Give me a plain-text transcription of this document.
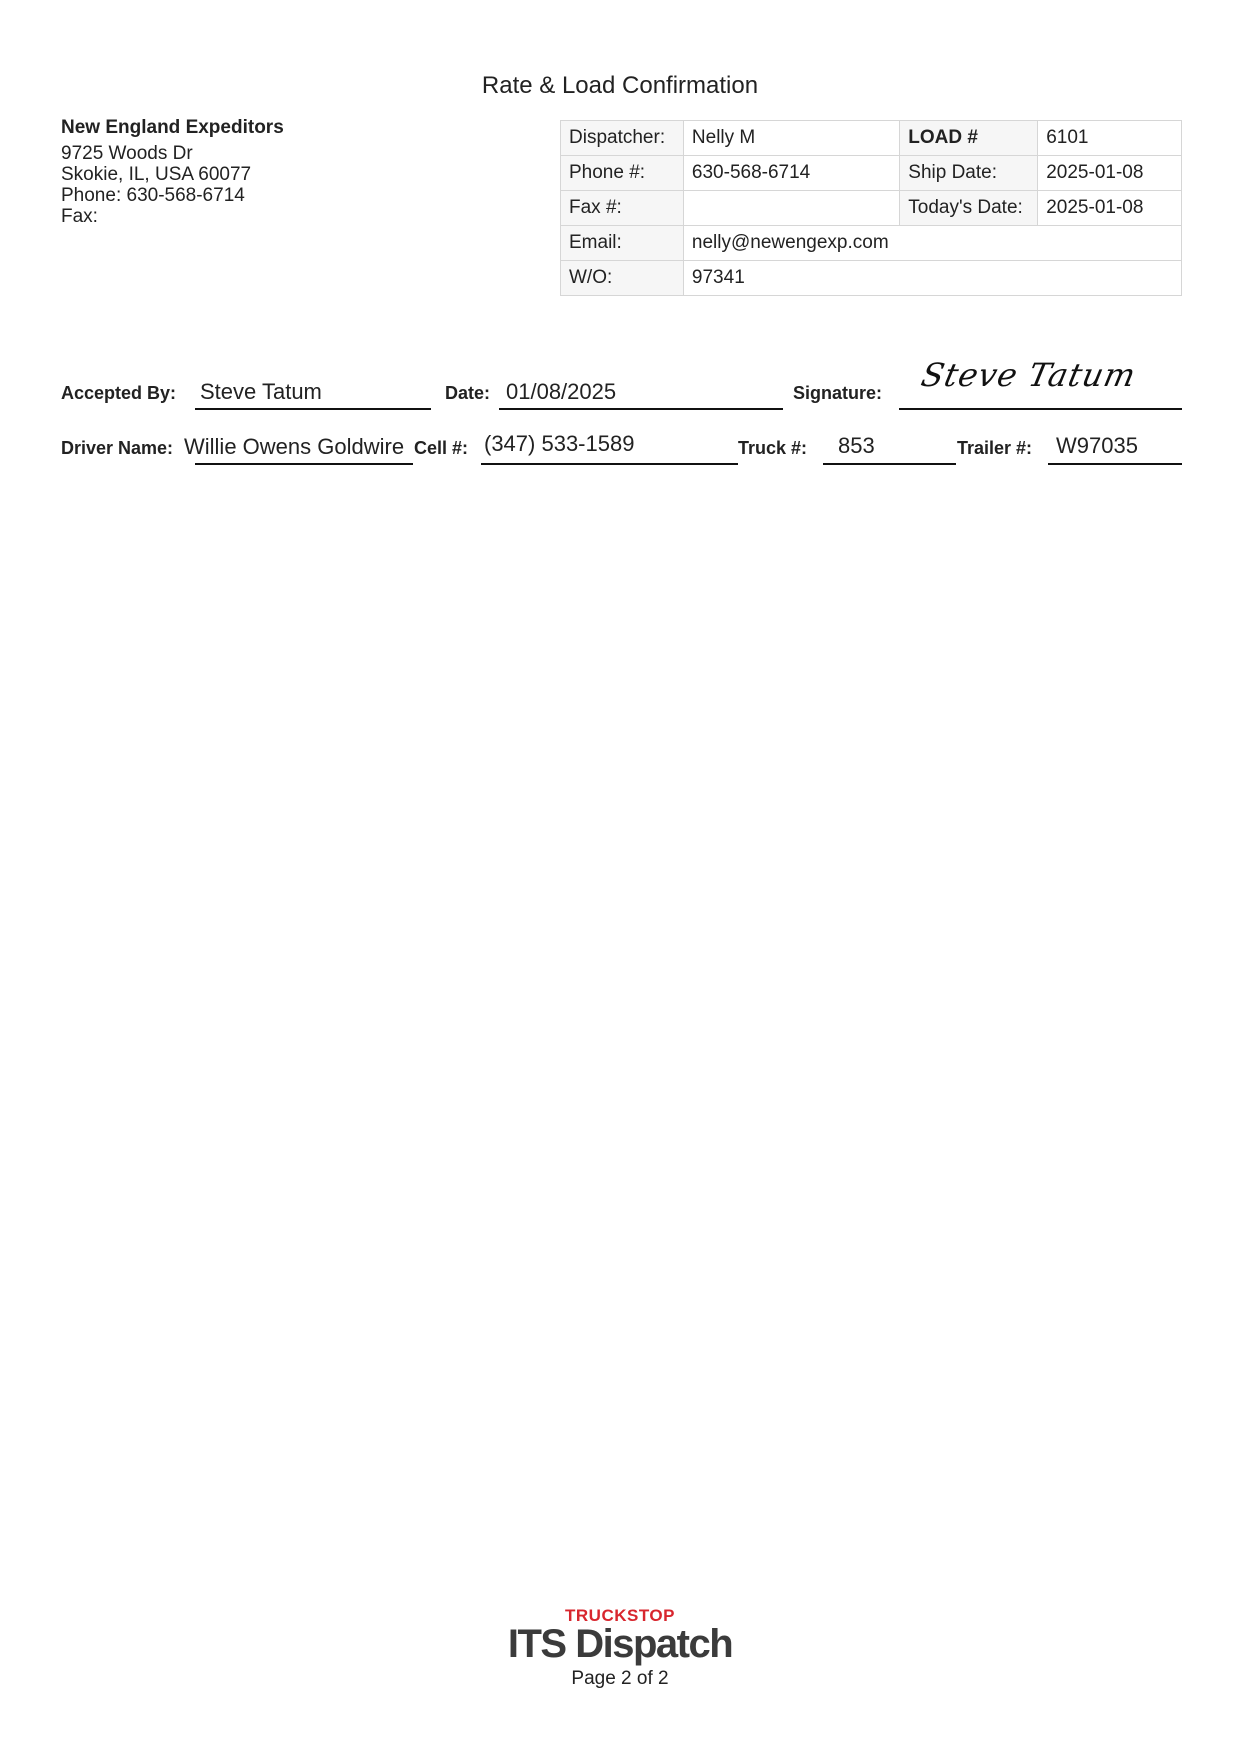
Rate & Load Confirmation
New England Expeditors
9725 Woods Dr
Skokie, IL, USA 60077
Phone: 630-568-6714
Fax:
Dispatcher:	Nelly M	LOAD #	6101
Phone #:	630-568-6714	Ship Date:	2025-01-08
Fax #:		Today's Date:	2025-01-08
Email:	nelly@newengexp.com		
W/O:	97341		
Accepted By: Steve Tatum	Date: 01/08/2025	Signature: Steve Tatum
Driver Name: Willie Owens Goldwire Cell #: (347) 533-1589	Truck #: 853	Trailer #: W97035
TRUCKSTOP
ITS Dispatch
Page 2 of 2
